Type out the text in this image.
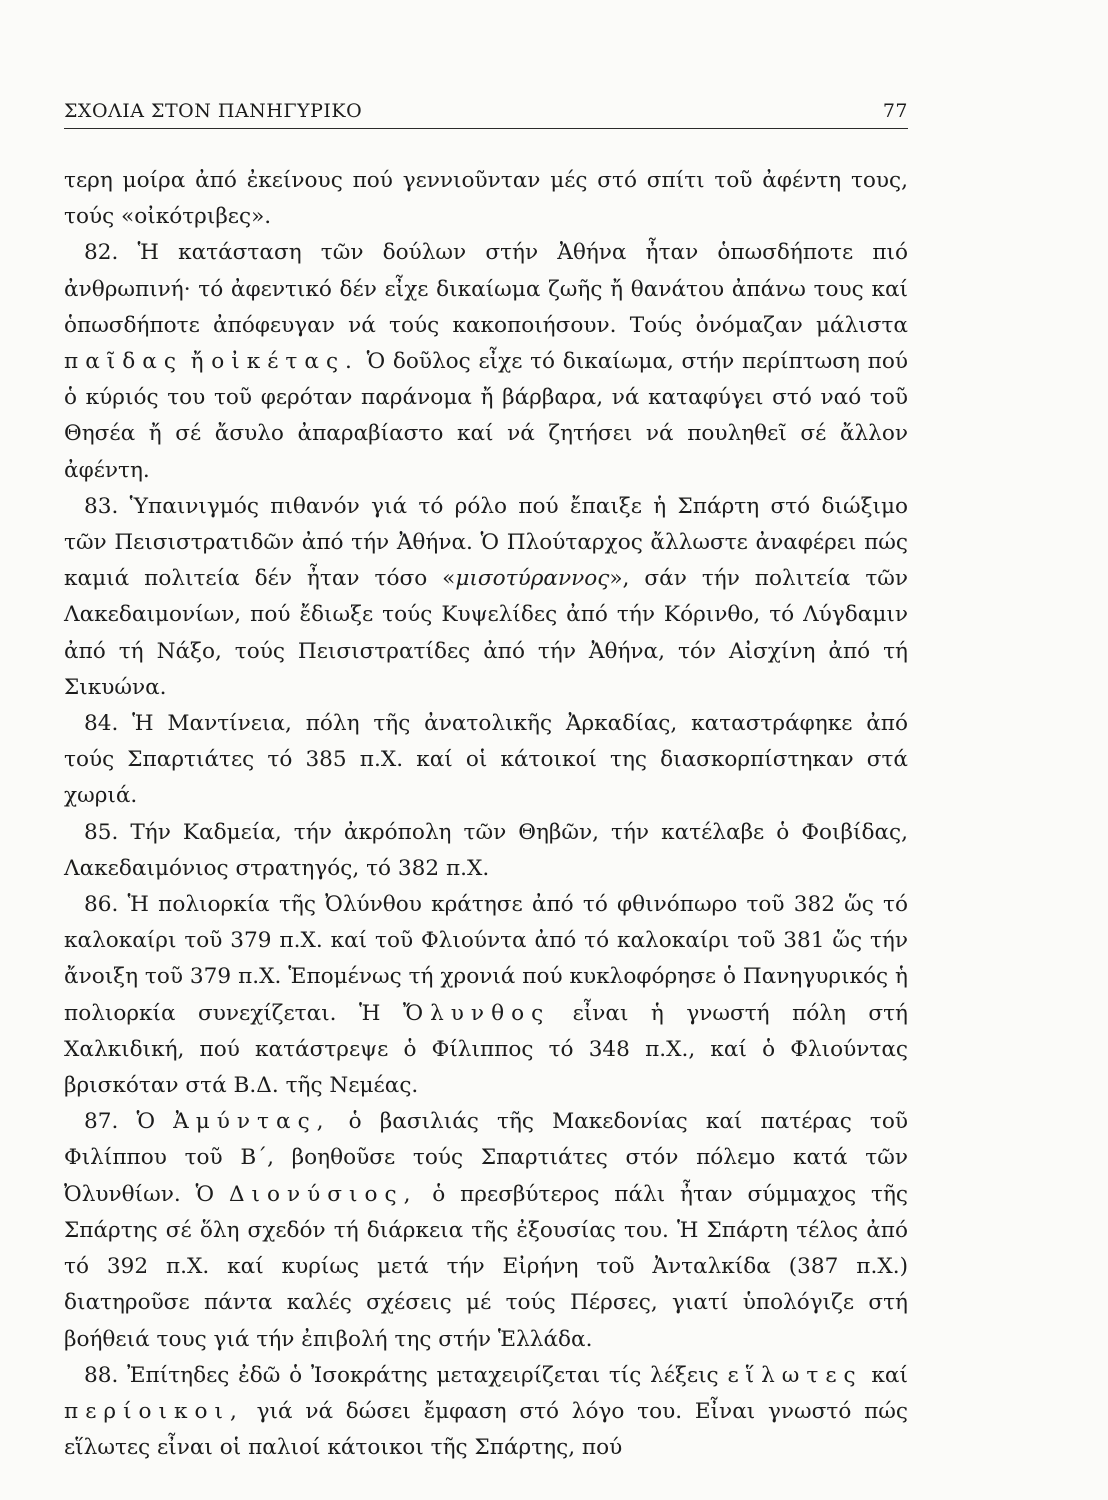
ΣΧΟΛΙΑ ΣΤΟΝ ΠΑΝΗΓΥΡΙΚΟ	77

τερη μοίρα ἀπό ἐκείνους πού γεννιοῦνταν μές στό σπίτι τοῦ ἀφέντη τους, τούς «οἰκότριβες».

82. Ἡ κατάσταση τῶν δούλων στήν Ἀθήνα ἦταν ὁπωσδήποτε πιό ἀνθρωπινή· τό ἀφεντικό δέν εἶχε δικαίωμα ζωῆς ἤ θανάτου ἀπάνω τους καί ὁπωσδήποτε ἀπόφευγαν νά τούς κακοποιήσουν. Τούς ὀνόμαζαν μάλιστα παῖδας ἤ οἰκέτας. Ὁ δοῦλος εἶχε τό δικαίωμα, στήν περίπτωση πού ὁ κύριός του τοῦ φερόταν παράνομα ἤ βάρβαρα, νά καταφύγει στό ναό τοῦ Θησέα ἤ σέ ἄσυλο ἀπαραβίαστο καί νά ζητήσει νά πουληθεῖ σέ ἄλλον ἀφέντη.

83. Ὑπαινιγμός πιθανόν γιά τό ρόλο πού ἔπαιξε ἡ Σπάρτη στό διώξιμο τῶν Πεισιστρατιδῶν ἀπό τήν Ἀθήνα. Ὁ Πλούταρχος ἄλλωστε ἀναφέρει πώς καμιά πολιτεία δέν ἦταν τόσο «μισοτύραννος», σάν τήν πολιτεία τῶν Λακεδαιμονίων, πού ἔδιωξε τούς Κυψελίδες ἀπό τήν Κόρινθο, τό Λύγδαμιν ἀπό τή Νάξο, τούς Πεισιστρατίδες ἀπό τήν Ἀθήνα, τόν Αἰσχίνη ἀπό τή Σικυώνα.

84. Ἡ Μαντίνεια, πόλη τῆς ἀνατολικῆς Ἀρκαδίας, καταστράφηκε ἀπό τούς Σπαρτιάτες τό 385 π.Χ. καί οἱ κάτοικοί της διασκορπίστηκαν στά χωριά.

85. Τήν Καδμεία, τήν ἀκρόπολη τῶν Θηβῶν, τήν κατέλαβε ὁ Φοιβίδας, Λακεδαιμόνιος στρατηγός, τό 382 π.Χ.

86. Ἡ πολιορκία τῆς Ὀλύνθου κράτησε ἀπό τό φθινόπωρο τοῦ 382 ὥς τό καλοκαίρι τοῦ 379 π.Χ. καί τοῦ Φλιούντα ἀπό τό καλοκαίρι τοῦ 381 ὥς τήν ἄνοιξη τοῦ 379 π.Χ. Ἑπομένως τή χρονιά πού κυκλοφόρησε ὁ Πανηγυρικός ἡ πολιορκία συνεχίζεται. Ἡ Ὄλυνθος εἶναι ἡ γνωστή πόλη στή Χαλκιδική, πού κατάστρεψε ὁ Φίλιππος τό 348 π.Χ., καί ὁ Φλιούντας βρισκόταν στά Β.Δ. τῆς Νεμέας.

87. Ὁ Ἀμύντας, ὁ βασιλιάς τῆς Μακεδονίας καί πατέρας τοῦ Φιλίππου τοῦ Β΄, βοηθοῦσε τούς Σπαρτιάτες στόν πόλεμο κατά τῶν Ὀλυνθίων. Ὁ Διονύσιος, ὁ πρεσβύτερος πάλι ἦταν σύμμαχος τῆς Σπάρτης σέ ὅλη σχεδόν τή διάρκεια τῆς ἐξουσίας του. Ἡ Σπάρτη τέλος ἀπό τό 392 π.Χ. καί κυρίως μετά τήν Εἰρήνη τοῦ Ἀνταλκίδα (387 π.Χ.) διατηροῦσε πάντα καλές σχέσεις μέ τούς Πέρσες, γιατί ὑπολόγιζε στή βοήθειά τους γιά τήν ἐπιβολή της στήν Ἑλλάδα.

88. Ἐπίτηδες ἐδῶ ὁ Ἰσοκράτης μεταχειρίζεται τίς λέξεις εἵλωτες καί περίοικοι, γιά νά δώσει ἔμφαση στό λόγο του. Εἶναι γνωστό πώς εἵλωτες εἶναι οἱ παλιοί κάτοικοι τῆς Σπάρτης, πού
